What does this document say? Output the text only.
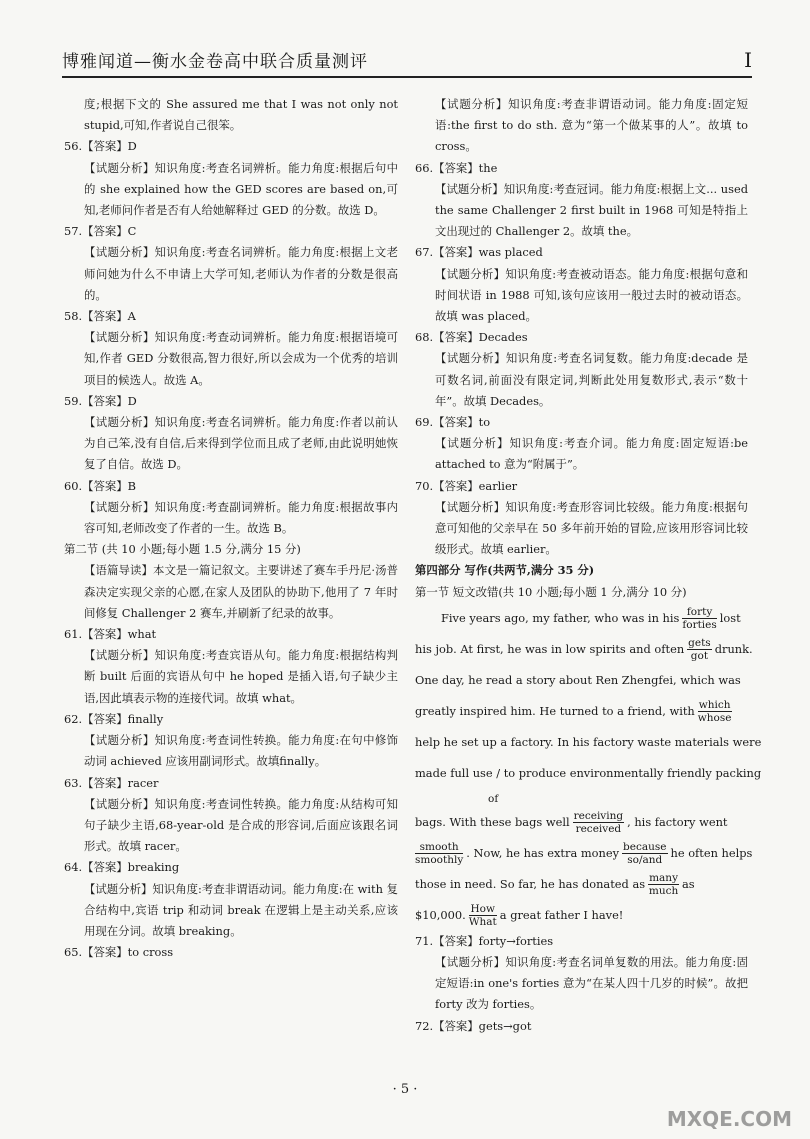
博雅闻道—衡水金卷高中联合质量测评	I

度;根据下文的 She assured me that I was not only not stupid,可知,作者说自己很笨。

56.【答案】D

【试题分析】知识角度:考查名词辨析。能力角度:根据后句中的 she explained how the GED scores are based on,可知,老师问作者是否有人给她解释过 GED 的分数。故选 D。

57.【答案】C

【试题分析】知识角度:考查名词辨析。能力角度:根据上文老师问她为什么不申请上大学可知,老师认为作者的分数是很高的。

58.【答案】A

【试题分析】知识角度:考查动词辨析。能力角度:根据语境可知,作者 GED 分数很高,智力很好,所以会成为一个优秀的培训项目的候选人。故选 A。

59.【答案】D

【试题分析】知识角度:考查名词辨析。能力角度:作者以前认为自己笨,没有自信,后来得到学位而且成了老师,由此说明她恢复了自信。故选 D。

60.【答案】B

【试题分析】知识角度:考查副词辨析。能力角度:根据故事内容可知,老师改变了作者的一生。故选 B。

第二节 (共 10 小题;每小题 1.5 分,满分 15 分)

【语篇导读】本文是一篇记叙文。主要讲述了赛车手丹尼·汤普森决定实现父亲的心愿,在家人及团队的协助下,他用了 7 年时间修复 Challenger 2 赛车,并刷新了纪录的故事。

61.【答案】what

【试题分析】知识角度:考查宾语从句。能力角度:根据结构判断 built 后面的宾语从句中 he hoped 是插入语,句子缺少主语,因此填表示物的连接代词。故填 what。

62.【答案】finally

【试题分析】知识角度:考查词性转换。能力角度:在句中修饰动词 achieved 应该用副词形式。故填finally。

63.【答案】racer

【试题分析】知识角度:考查词性转换。能力角度:从结构可知句子缺少主语,68-year-old 是合成的形容词,后面应该跟名词形式。故填 racer。

64.【答案】breaking

【试题分析】知识角度:考查非谓语动词。能力角度:在 with 复合结构中,宾语 trip 和动词 break 在逻辑上是主动关系,应该用现在分词。故填 breaking。

65.【答案】to cross

【试题分析】知识角度:考查非谓语动词。能力角度:固定短语:the first to do sth. 意为“第一个做某事的人”。故填 to cross。

66.【答案】the

【试题分析】知识角度:考查冠词。能力角度:根据上文... used the same Challenger 2 first built in 1968 可知是特指上文出现过的 Challenger 2。故填 the。

67.【答案】was placed

【试题分析】知识角度:考查被动语态。能力角度:根据句意和时间状语 in 1988 可知,该句应该用一般过去时的被动语态。故填 was placed。

68.【答案】Decades

【试题分析】知识角度:考查名词复数。能力角度:decade 是可数名词,前面没有限定词,判断此处用复数形式,表示“数十年”。故填 Decades。

69.【答案】to

【试题分析】知识角度:考查介词。能力角度:固定短语:be attached to 意为“附属于”。

70.【答案】earlier

【试题分析】知识角度:考查形容词比较级。能力角度:根据句意可知他的父亲早在 50 多年前开始的冒险,应该用形容词比较级形式。故填 earlier。

第四部分 写作(共两节,满分 35 分)

第一节 短文改错(共 10 小题;每小题 1 分,满分 10 分)

Five years ago, my father, who was in his forty
forties
lost
his job. At first, he was in low spirits and often gets
got
drunk.
One day, he read a story about Ren Zhengfei, which was
greatly inspired him. He turned to a friend, with which
whose
help he set up a factory. In his factory waste materials were
made full use / to produce environmentally friendly packing
of
bags. With these bags well receiving
received
, his factory went
smooth
smoothly
. Now, he has extra money because
so/and
he often helps
those in need. So far, he has donated as many
much
as
$10,000. How
What
a great father I have!

71.【答案】forty→forties

【试题分析】知识角度:考查名词单复数的用法。能力角度:固定短语:in one's forties 意为“在某人四十几岁的时候”。故把 forty 改为 forties。

72.【答案】gets→got

· 5 ·
MXQE.COM
